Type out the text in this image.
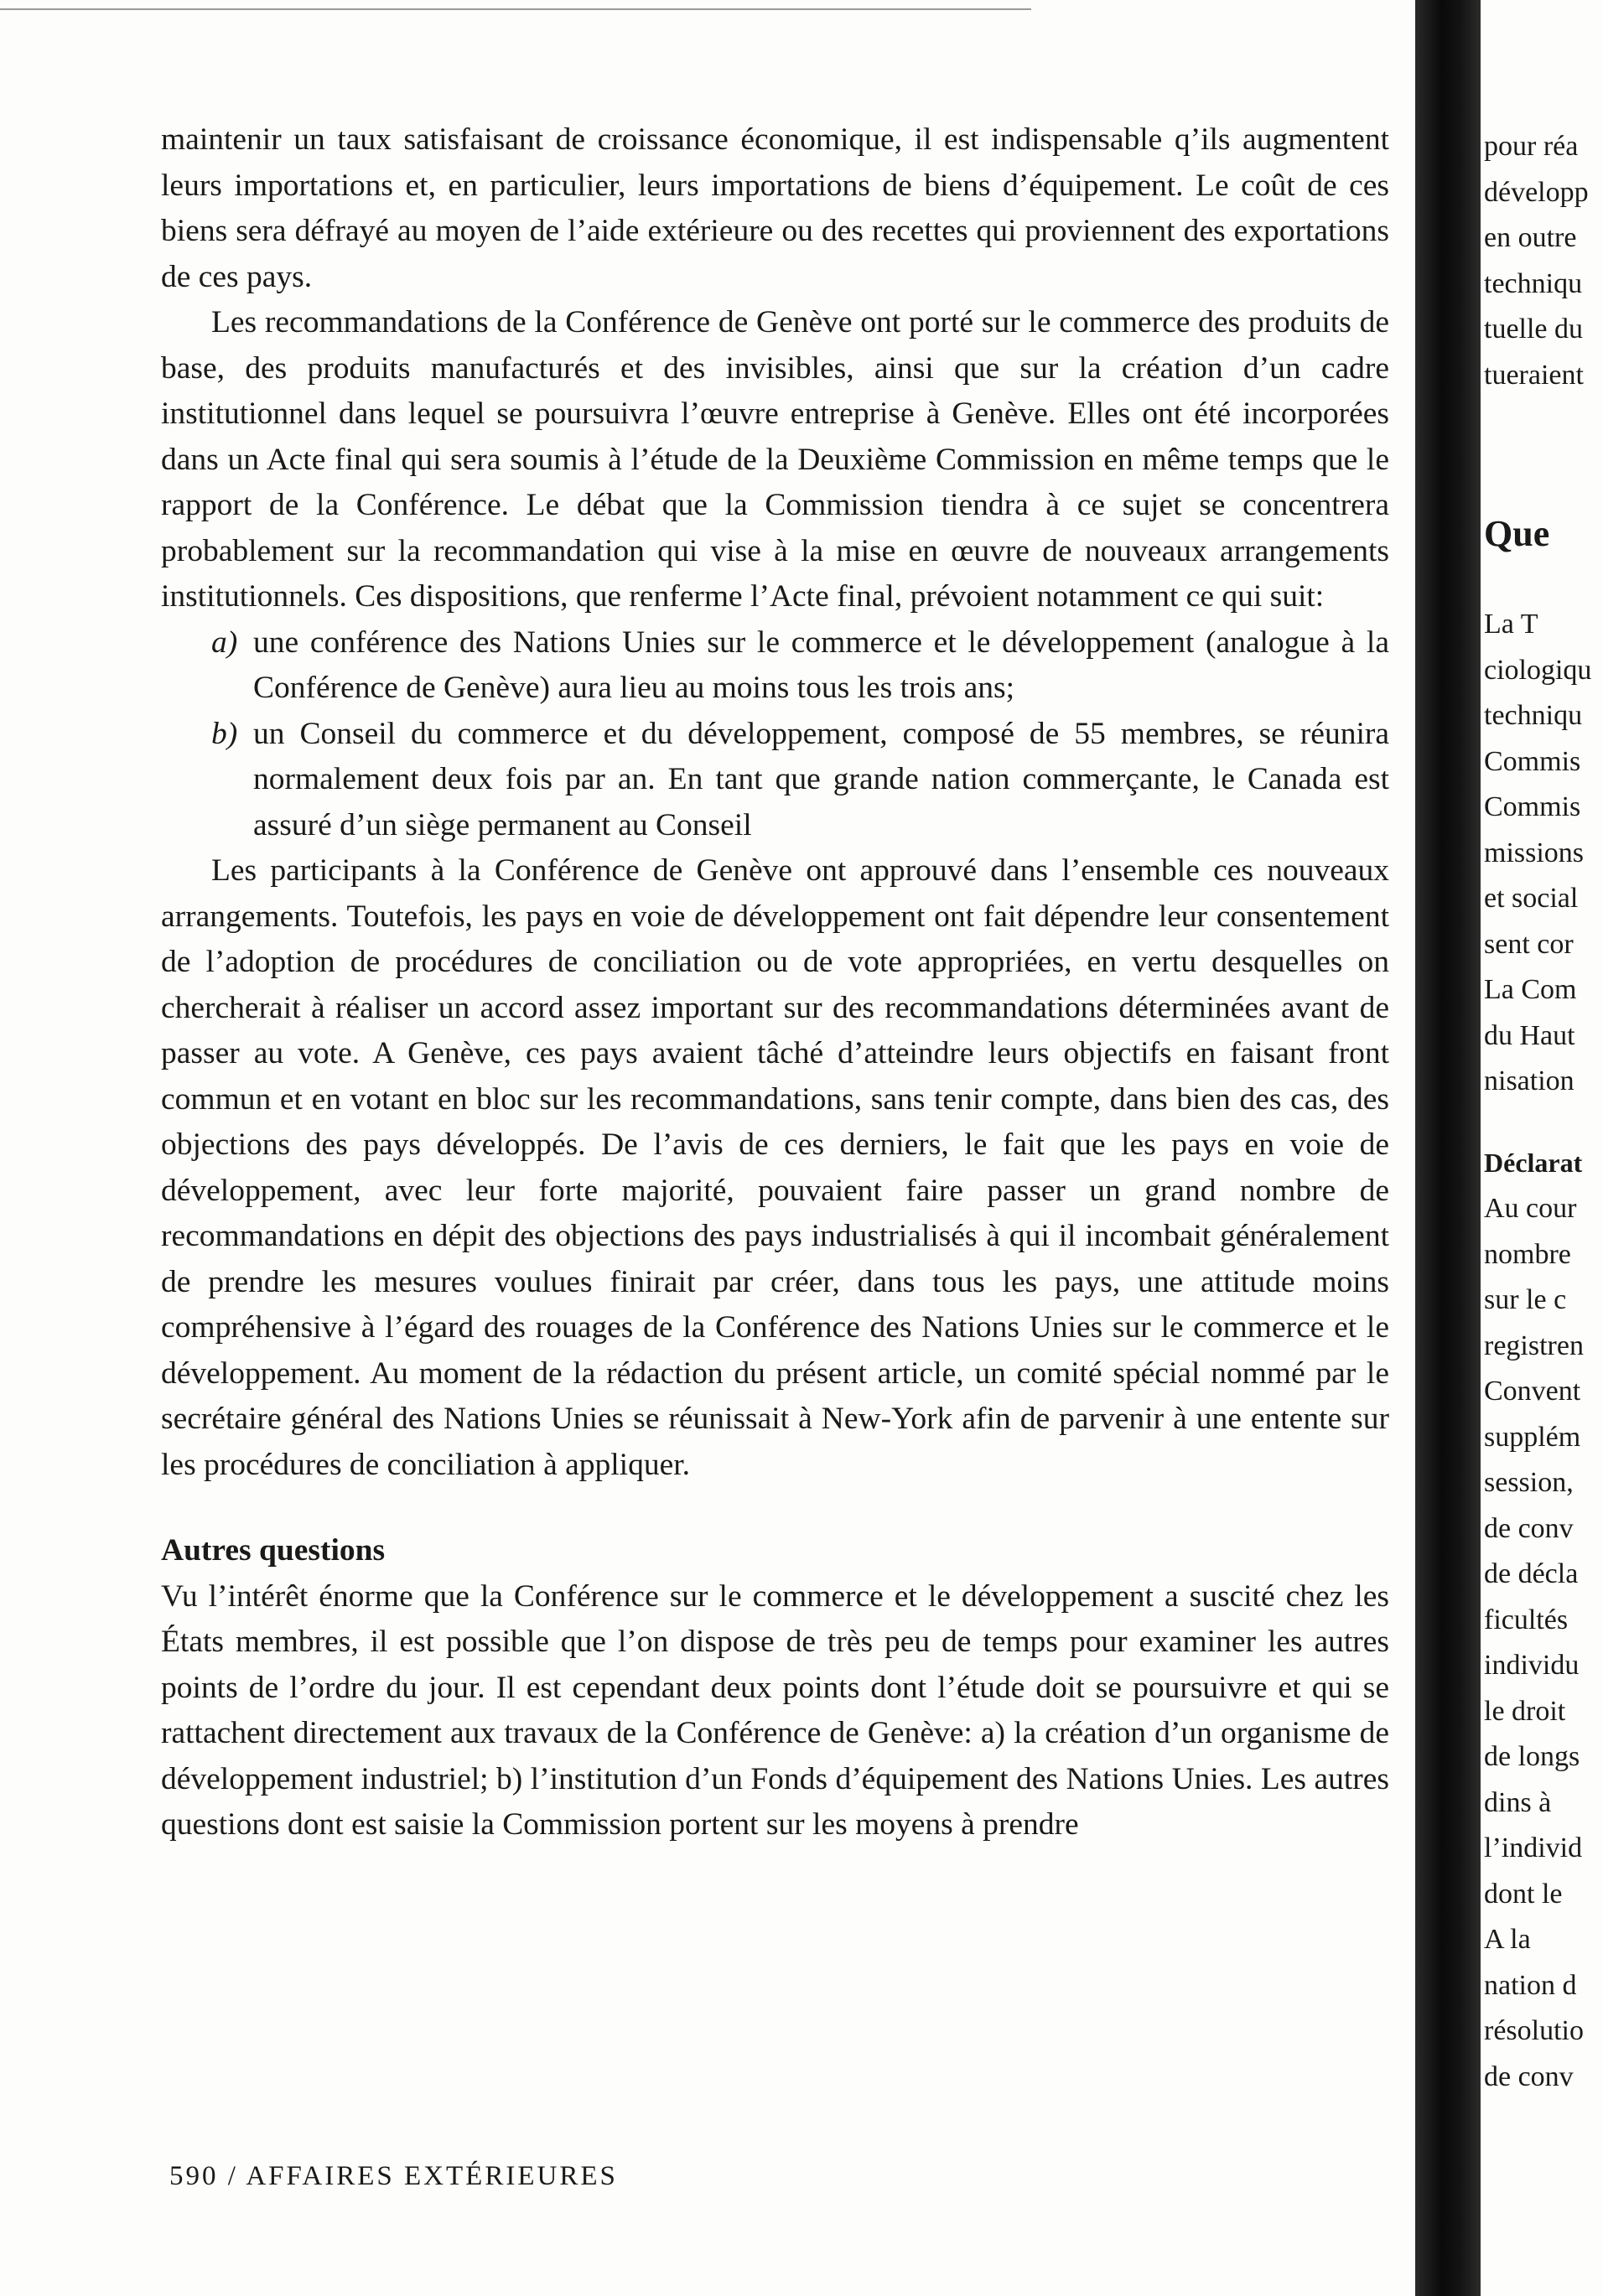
maintenir un taux satisfaisant de croissance économique, il est indispensable q’ils augmentent leurs importations et, en particulier, leurs importations de biens d’équipement. Le coût de ces biens sera défrayé au moyen de l’aide extérieure ou des recettes qui proviennent des exportations de ces pays.

Les recommandations de la Conférence de Genève ont porté sur le commerce des produits de base, des produits manufacturés et des invisibles, ainsi que sur la création d’un cadre institutionnel dans lequel se poursuivra l’œuvre entreprise à Genève. Elles ont été incorporées dans un Acte final qui sera soumis à l’étude de la Deuxième Commission en même temps que le rapport de la Conférence. Le débat que la Commission tiendra à ce sujet se concentrera probablement sur la recommandation qui vise à la mise en œuvre de nouveaux arrangements institutionnels. Ces dispositions, que renferme l’Acte final, prévoient notamment ce qui suit:

a) une conférence des Nations Unies sur le commerce et le développement (analogue à la Conférence de Genève) aura lieu au moins tous les trois ans;
b) un Conseil du commerce et du développement, composé de 55 membres, se réunira normalement deux fois par an. En tant que grande nation commerçante, le Canada est assuré d’un siège permanent au Conseil

Les participants à la Conférence de Genève ont approuvé dans l’ensemble ces nouveaux arrangements. Toutefois, les pays en voie de développement ont fait dépendre leur consentement de l’adoption de procédures de conciliation ou de vote appropriées, en vertu desquelles on chercherait à réaliser un accord assez important sur des recommandations déterminées avant de passer au vote. A Genève, ces pays avaient tâché d’atteindre leurs objectifs en faisant front commun et en votant en bloc sur les recommandations, sans tenir compte, dans bien des cas, des objections des pays développés. De l’avis de ces derniers, le fait que les pays en voie de développement, avec leur forte majorité, pouvaient faire passer un grand nombre de recommandations en dépit des objections des pays industrialisés à qui il incombait généralement de prendre les mesures voulues finirait par créer, dans tous les pays, une attitude moins compréhensive à l’égard des rouages de la Conférence des Nations Unies sur le commerce et le développement. Au moment de la rédaction du présent article, un comité spécial nommé par le secrétaire général des Nations Unies se réunissait à New-York afin de parvenir à une entente sur les procédures de conciliation à appliquer.

Autres questions

Vu l’intérêt énorme que la Conférence sur le commerce et le développement a suscité chez les États membres, il est possible que l’on dispose de très peu de temps pour examiner les autres points de l’ordre du jour. Il est cependant deux points dont l’étude doit se poursuivre et qui se rattachent directement aux travaux de la Conférence de Genève: a) la création d’un organisme de développement industriel; b) l’institution d’un Fonds d’équipement des Nations Unies. Les autres questions dont est saisie la Commission portent sur les moyens à prendre

590 / AFFAIRES EXTÉRIEURES
pour réa
développ
en outre
techniqu
tuelle du
tueraient
Que
La T
ciologiqu
techniqu
Commis
Commis
missions
et social
sent cor
La Com
du Haut
nisation
Déclarat
Au cour
nombre
sur le c
registren
Convent
supplém
session,
de conv
de décla
ficultés
individu
le droit
de longs
dins à
l’individ
dont le
A la
nation d
résolutio
de conv
